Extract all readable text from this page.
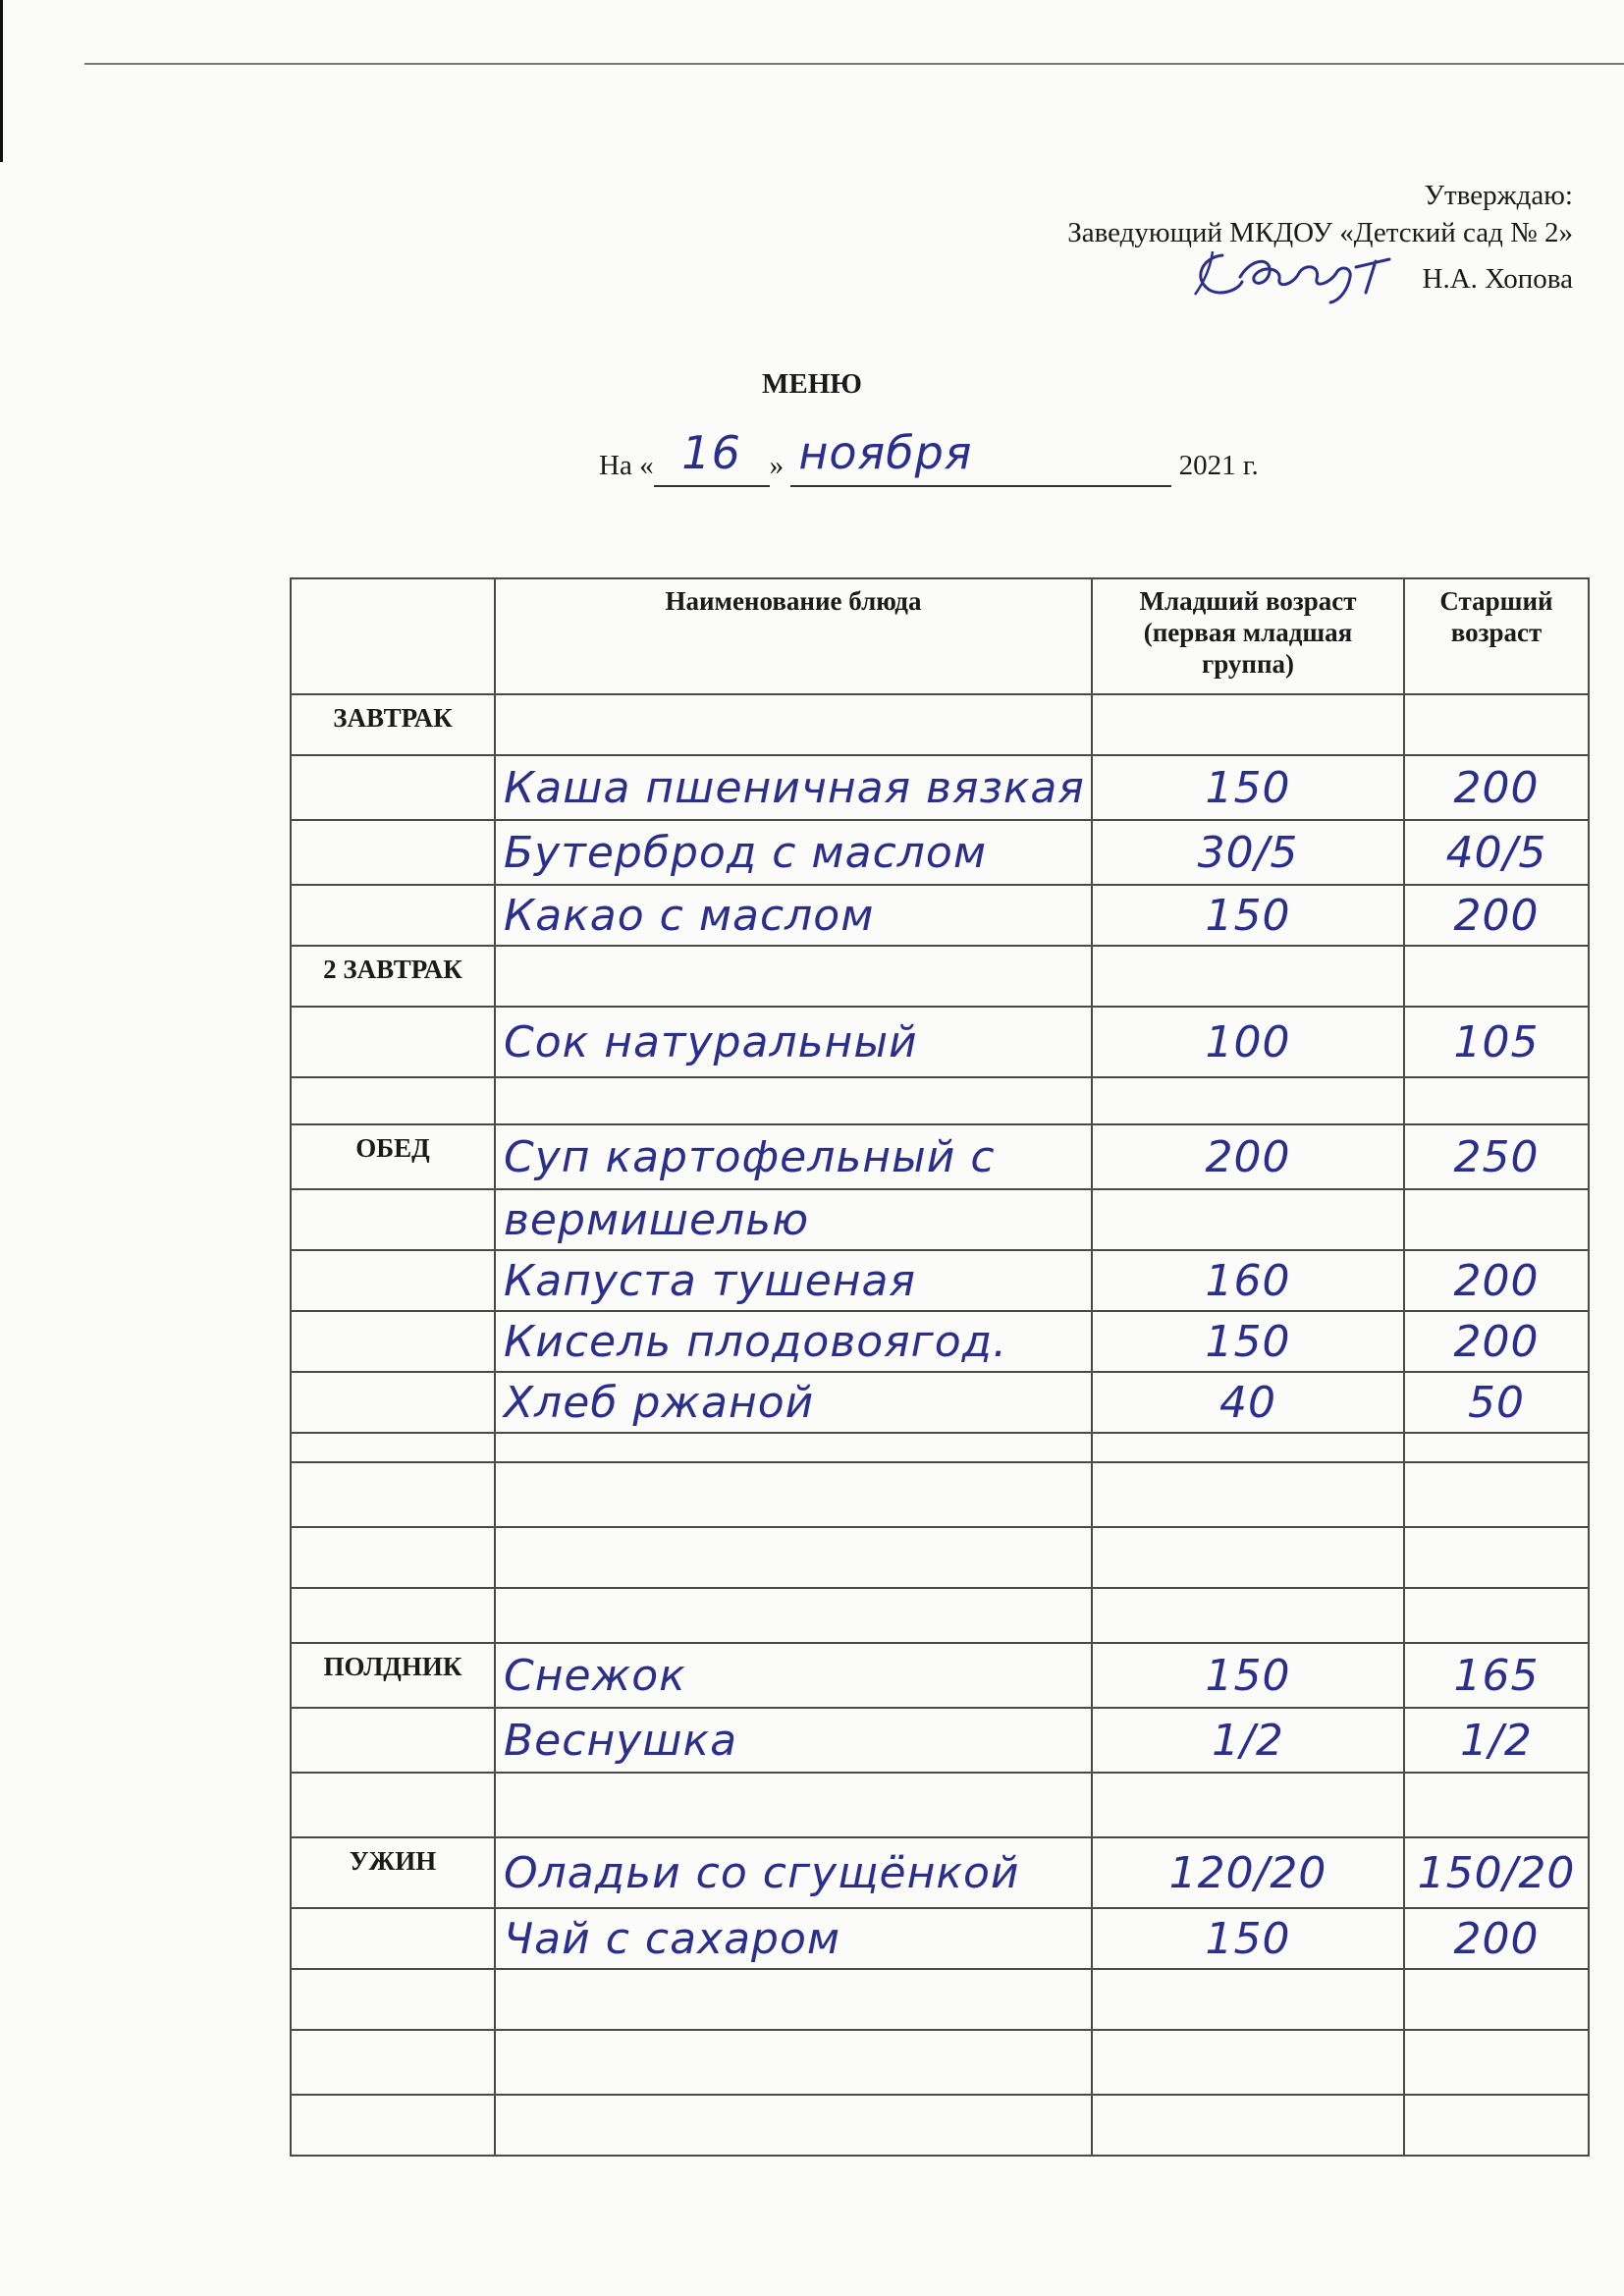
Утверждаю:
Заведующий МКДОУ «Детский сад № 2»
Н.А. Хопова
МЕНЮ
На « 16 » ноября	2021 г.
	Наименование блюда	Младший возраст (первая младшая группа)	Старший возраст
ЗАВТРАК			
	Каша пшеничная вязкая	150	200
	Бутерброд с маслом	30/5	40/5
	Какао с маслом	150	200
2 ЗАВТРАК			
	Сок натуральный	100	105

ОБЕД	Суп картофельный с	200	250
	вермишелью		
	Капуста тушеная	160	200
	Кисель плодовоягод.	150	200
	Хлеб ржаной	40	50

ПОЛДНИК	Снежок	150	165
	Веснушка	1/2	1/2

УЖИН	Оладьи со сгущёнкой	120/20	150/20
	Чай с сахаром	150	200
